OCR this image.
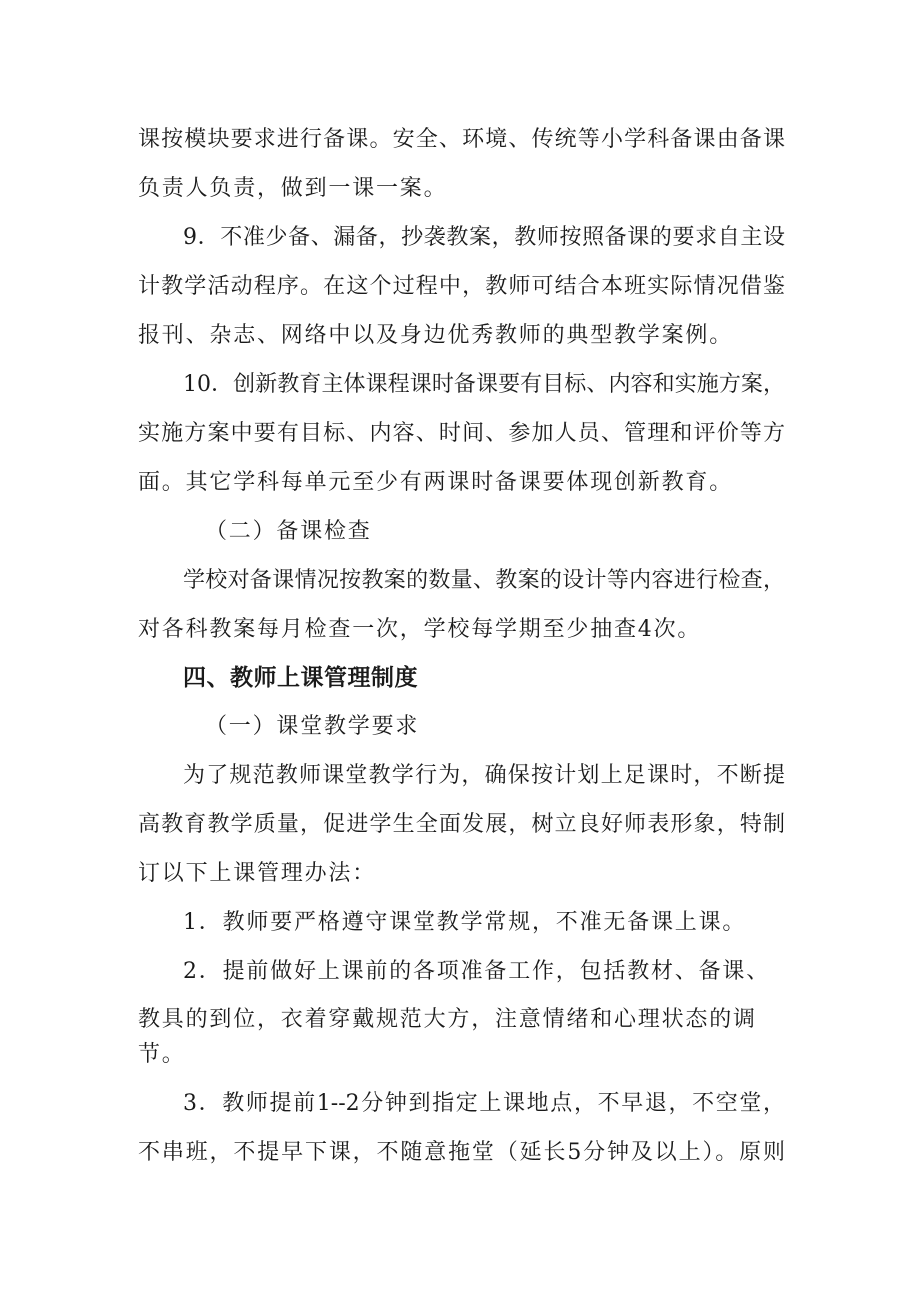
课按模块要求进行备课。安全、环境、传统等小学科备课由备课

负责人负责，做到一课一案。

9．不准少备、漏备，抄袭教案，教师按照备课的要求自主设

计教学活动程序。在这个过程中，教师可结合本班实际情况借鉴

报刊、杂志、网络中以及身边优秀教师的典型教学案例。

10．创新教育主体课程课时备课要有目标、内容和实施方案，

实施方案中要有目标、内容、时间、参加人员、管理和评价等方

面。其它学科每单元至少有两课时备课要体现创新教育。

（二）备课检查

学校对备课情况按教案的数量、教案的设计等内容进行检查，

对各科教案每月检查一次，学校每学期至少抽查4次。

四、教师上课管理制度

（一）课堂教学要求

为了规范教师课堂教学行为，确保按计划上足课时，不断提

高教育教学质量，促进学生全面发展，树立良好师表形象，特制

订以下上课管理办法：

1．教师要严格遵守课堂教学常规，不准无备课上课。

2．提前做好上课前的各项准备工作，包括教材、备课、

教具的到位，衣着穿戴规范大方，注意情绪和心理状态的调

节。

3．教师提前1--2分钟到指定上课地点，不早退，不空堂，

不串班，不提早下课，不随意拖堂（延长5分钟及以上）。原则
